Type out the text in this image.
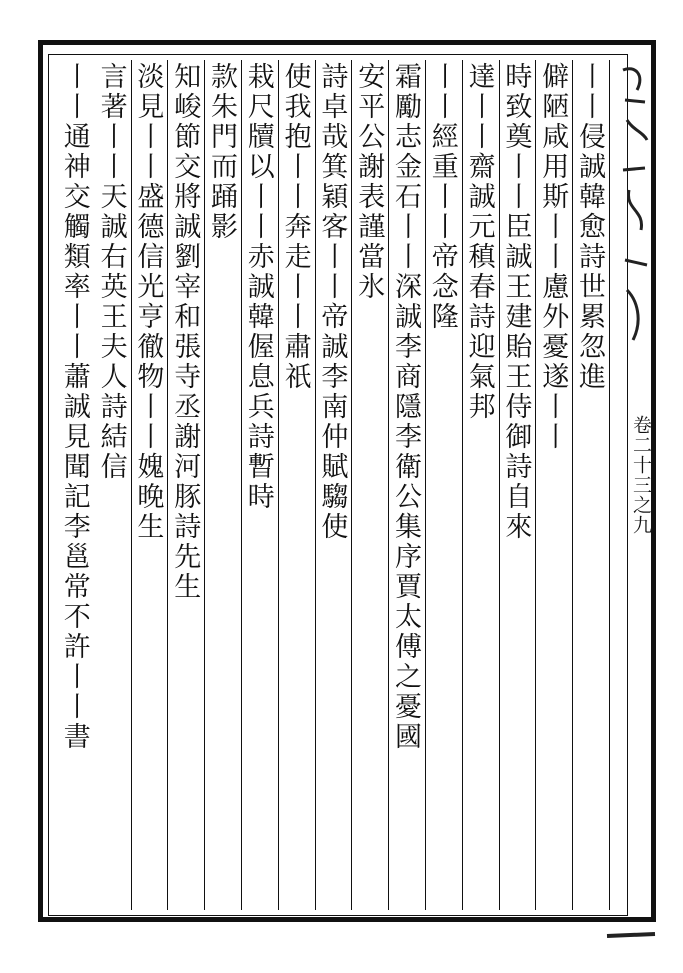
卷二十三之九
丨丨侵誠韓愈詩世累忽進
僻陋咸用斯丨丨慮外憂遂丨丨
時致奠丨丨臣誠王建貽王侍御詩自來
達丨丨齋誠元稹春詩迎氣邦
丨丨經重丨丨帝念隆
霜勵志金石丨丨深誠李商隱李衛公集序賈太傅之憂國
安平公謝表謹當氷
詩卓哉箕穎客丨丨帝誠李南仲賦騶使
使我抱丨丨奔走丨丨肅祇
栽尺牘以丨丨赤誠韓偓息兵詩暫時
款朱門而踊影
知峻節交將誠劉宰和張寺丞謝河豚詩先生
淡見丨丨盛德信光亨徹物丨丨媿晚生
言著丨丨天誠右英王夫人詩結信
丨丨通神交觸類率丨丨蕭誠見聞記李邕常不許丨丨書
